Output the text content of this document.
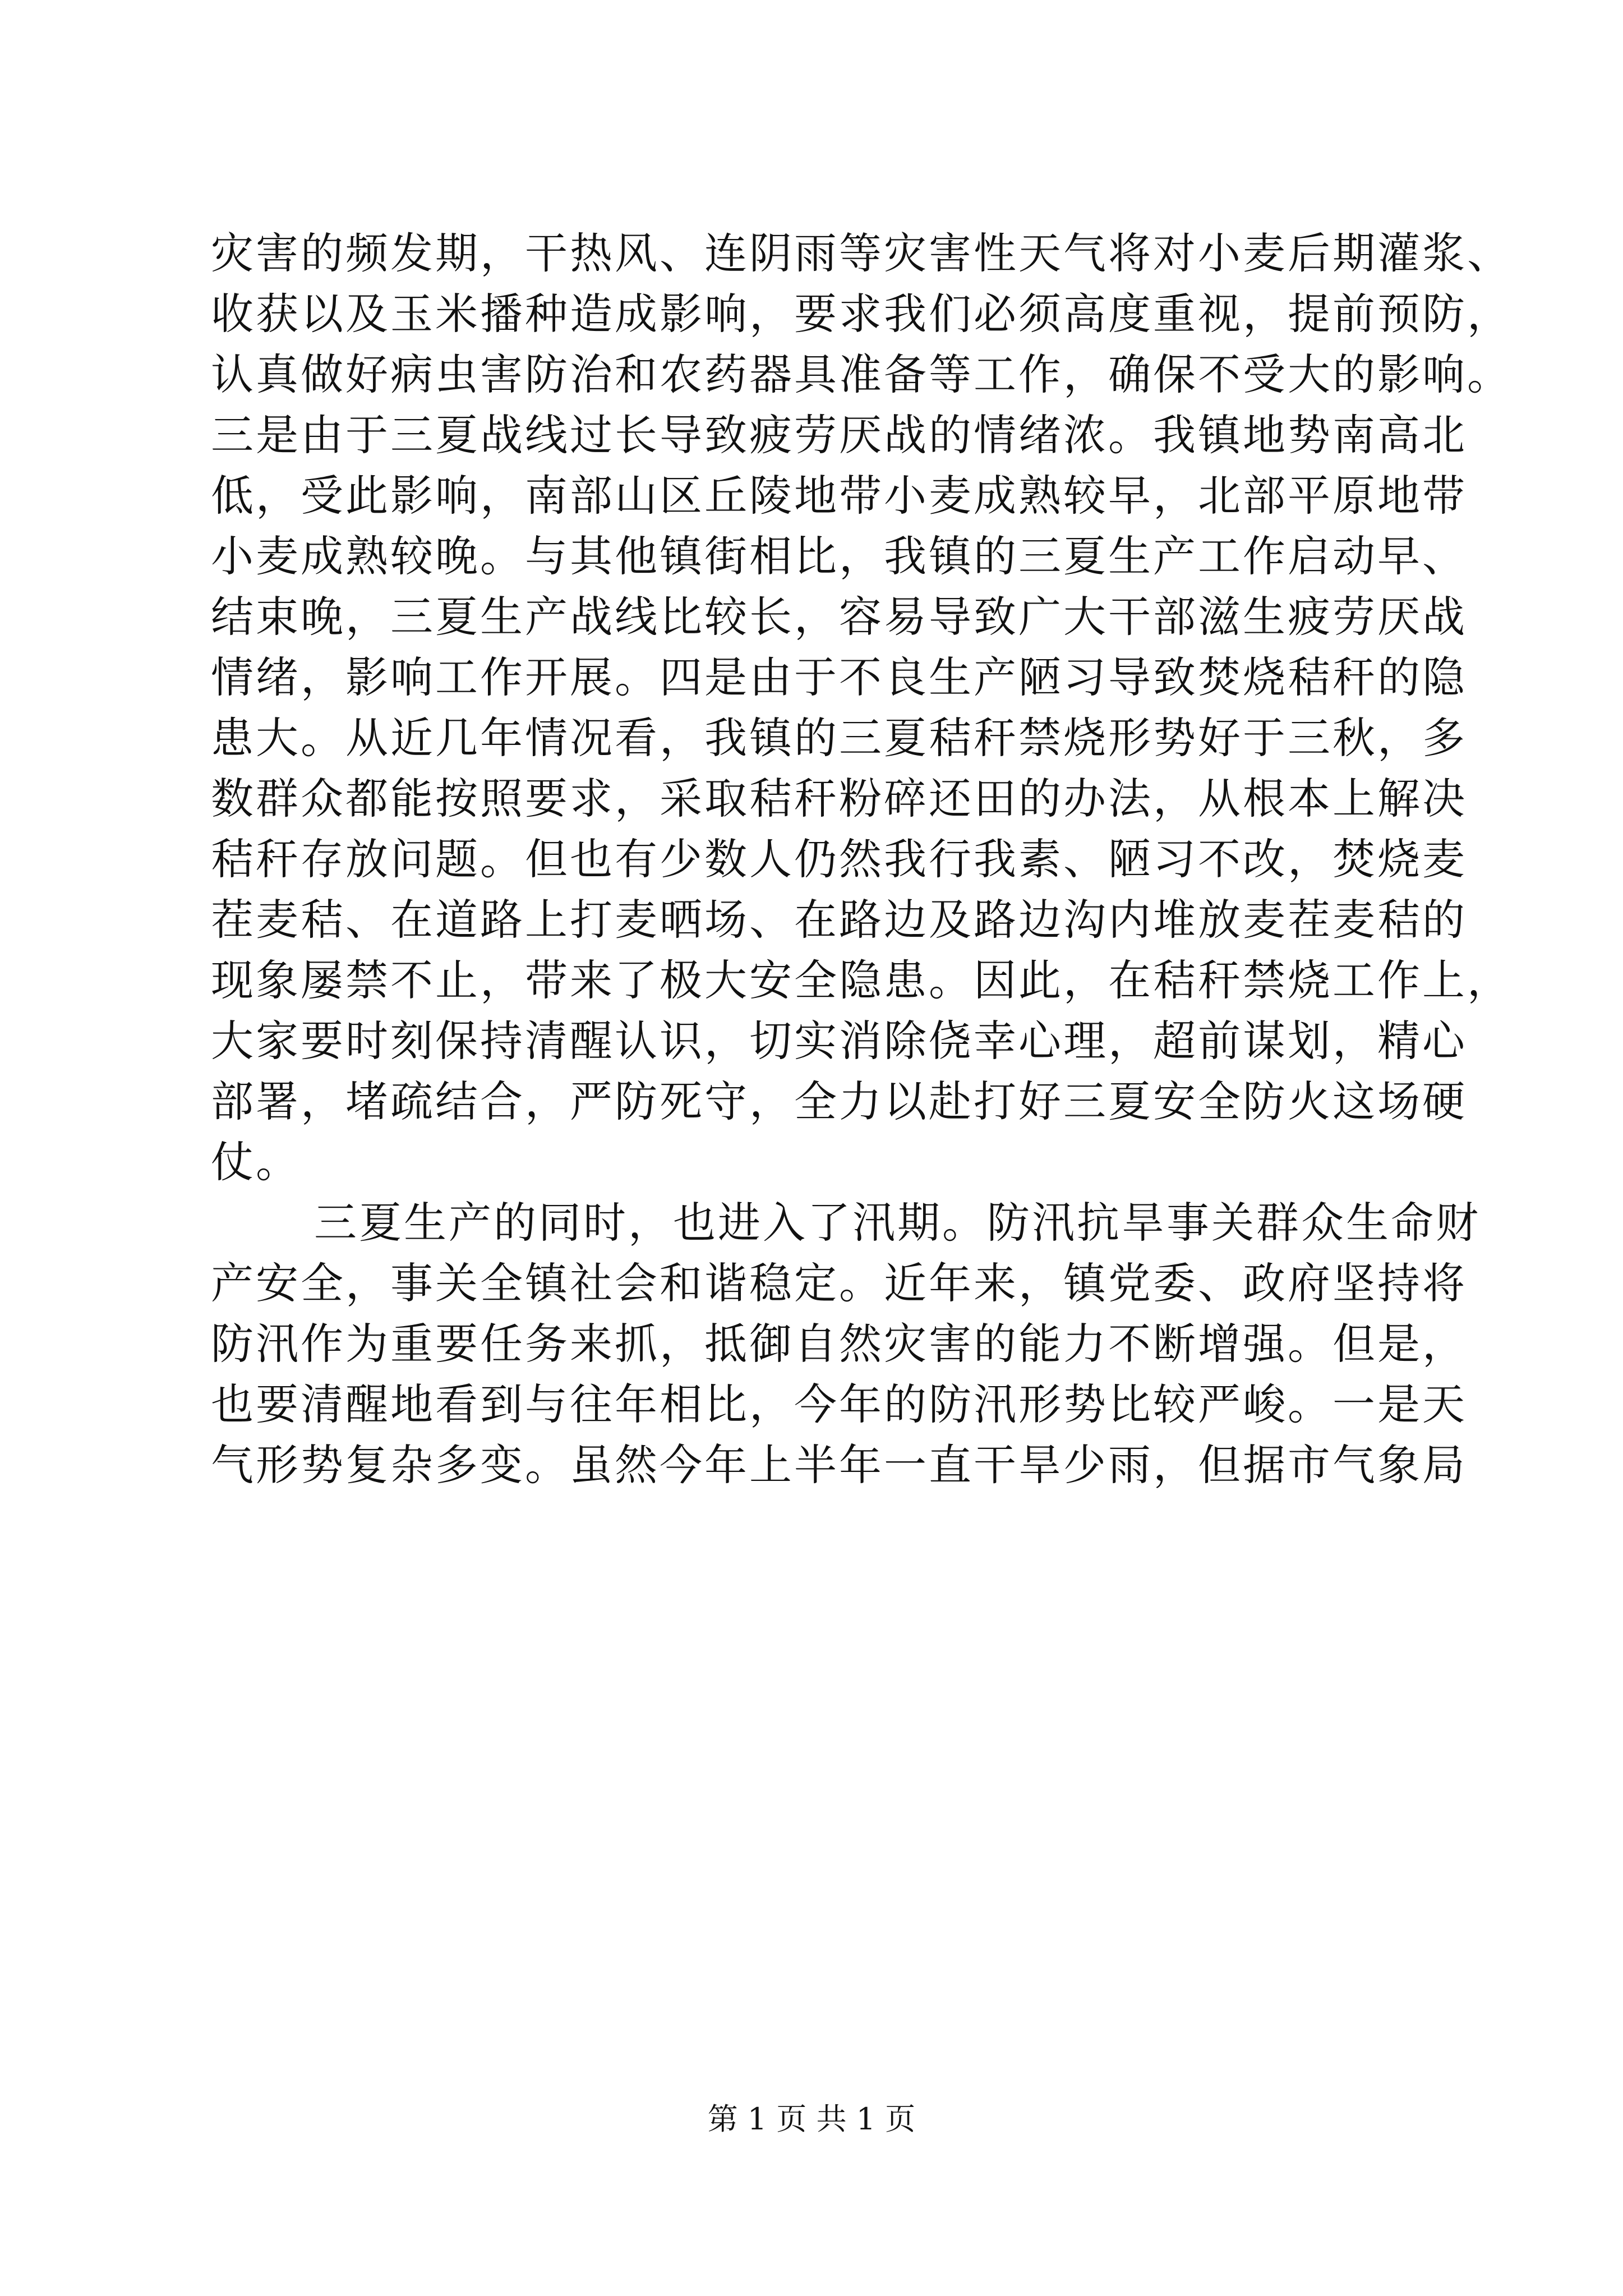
灾害的频发期，干热风、连阴雨等灾害性天气将对小麦后期灌浆、
收获以及玉米播种造成影响，要求我们必须高度重视，提前预防，
认真做好病虫害防治和农药器具准备等工作，确保不受大的影响。
三是由于三夏战线过长导致疲劳厌战的情绪浓。我镇地势南高北
低，受此影响，南部山区丘陵地带小麦成熟较早，北部平原地带
小麦成熟较晚。与其他镇街相比，我镇的三夏生产工作启动早、
结束晚，三夏生产战线比较长，容易导致广大干部滋生疲劳厌战
情绪，影响工作开展。四是由于不良生产陋习导致焚烧秸秆的隐
患大。从近几年情况看，我镇的三夏秸秆禁烧形势好于三秋，多
数群众都能按照要求，采取秸秆粉碎还田的办法，从根本上解决
秸秆存放问题。但也有少数人仍然我行我素、陋习不改，焚烧麦
茬麦秸、在道路上打麦晒场、在路边及路边沟内堆放麦茬麦秸的
现象屡禁不止，带来了极大安全隐患。因此，在秸秆禁烧工作上，
大家要时刻保持清醒认识，切实消除侥幸心理，超前谋划，精心
部署，堵疏结合，严防死守，全力以赴打好三夏安全防火这场硬
仗。
三夏生产的同时，也进入了汛期。防汛抗旱事关群众生命财
产安全，事关全镇社会和谐稳定。近年来，镇党委、政府坚持将
防汛作为重要任务来抓，抵御自然灾害的能力不断增强。但是，
也要清醒地看到与往年相比，今年的防汛形势比较严峻。一是天
气形势复杂多变。虽然今年上半年一直干旱少雨，但据市气象局
第 1 页 共 1 页
